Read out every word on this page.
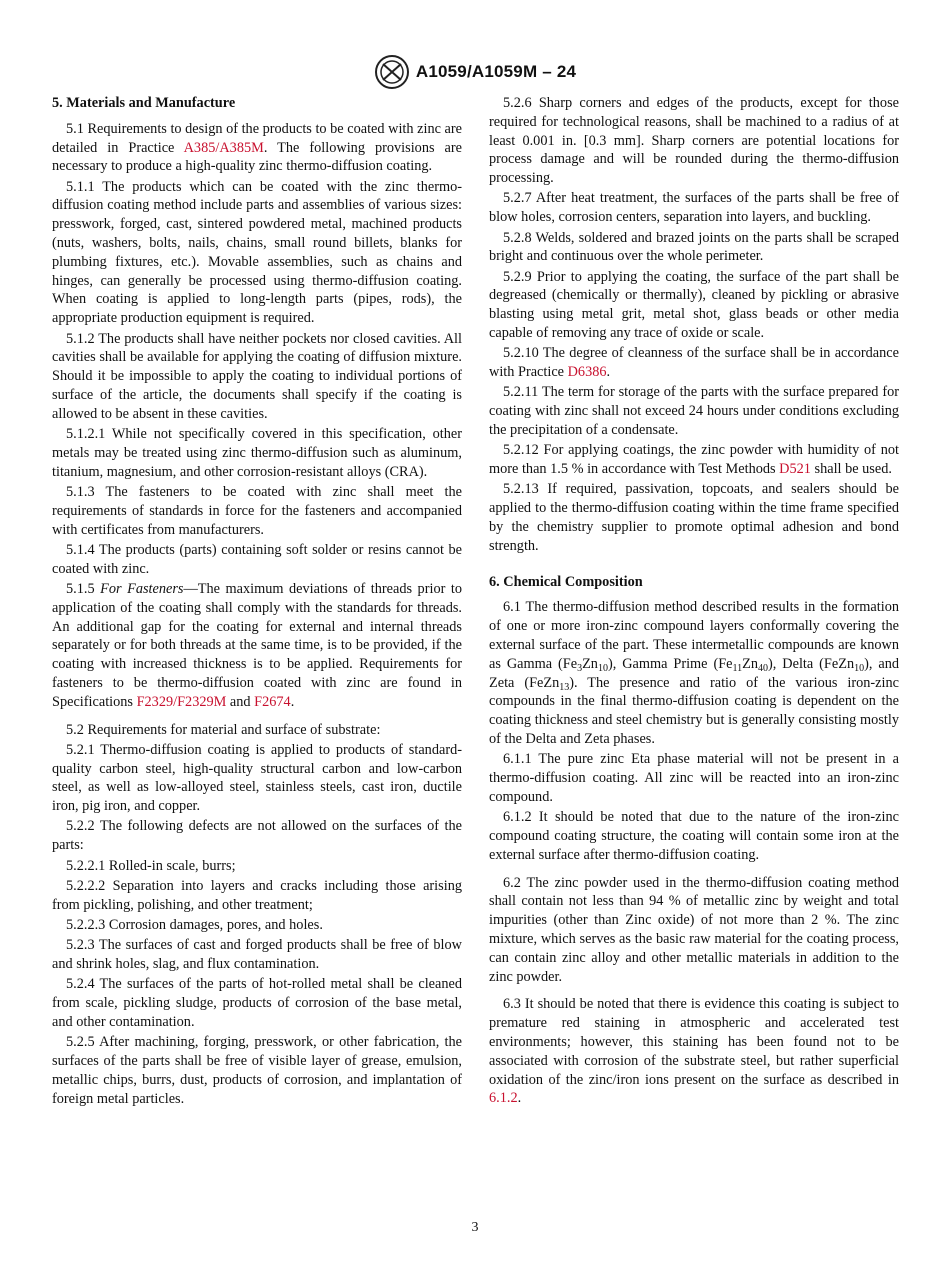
A1059/A1059M – 24
5. Materials and Manufacture

5.1 Requirements to design of the products to be coated with zinc are detailed in Practice A385/A385M. The following provisions are necessary to produce a high-quality zinc thermo-diffusion coating.

5.1.1 The products which can be coated with the zinc thermo-diffusion coating method include parts and assemblies of various sizes: presswork, forged, cast, sintered powdered metal, machined products (nuts, washers, bolts, nails, chains, small round billets, blanks for plumbing fixtures, etc.). Movable assemblies, such as chains and hinges, can generally be processed using thermo-diffusion coating. When coating is applied to long-length parts (pipes, rods), the appropriate production equipment is required.

5.1.2 The products shall have neither pockets nor closed cavities. All cavities shall be available for applying the coating of diffusion mixture. Should it be impossible to apply the coating to individual portions of surface of the article, the documents shall specify if the coating is allowed to be absent in these cavities.

5.1.2.1 While not specifically covered in this specification, other metals may be treated using zinc thermo-diffusion such as aluminum, titanium, magnesium, and other corrosion-resistant alloys (CRA).

5.1.3 The fasteners to be coated with zinc shall meet the requirements of standards in force for the fasteners and accompanied with certificates from manufacturers.

5.1.4 The products (parts) containing soft solder or resins cannot be coated with zinc.

5.1.5 For Fasteners—The maximum deviations of threads prior to application of the coating shall comply with the standards for threads. An additional gap for the coating for external and internal threads separately or for both threads at the same time, is to be provided, if the coating with increased thickness is to be applied. Requirements for fasteners to be thermo-diffusion coated with zinc are found in Specifications F2329/F2329M and F2674.

5.2 Requirements for material and surface of substrate:

5.2.1 Thermo-diffusion coating is applied to products of standard-quality carbon steel, high-quality structural carbon and low-carbon steel, as well as low-alloyed steel, stainless steels, cast iron, ductile iron, pig iron, and copper.

5.2.2 The following defects are not allowed on the surfaces of the parts:

5.2.2.1 Rolled-in scale, burrs;

5.2.2.2 Separation into layers and cracks including those arising from pickling, polishing, and other treatment;

5.2.2.3 Corrosion damages, pores, and holes.

5.2.3 The surfaces of cast and forged products shall be free of blow and shrink holes, slag, and flux contamination.

5.2.4 The surfaces of the parts of hot-rolled metal shall be cleaned from scale, pickling sludge, products of corrosion of the base metal, and other contamination.

5.2.5 After machining, forging, presswork, or other fabrication, the surfaces of the parts shall be free of visible layer of grease, emulsion, metallic chips, burrs, dust, products of corrosion, and implantation of foreign metal particles.

5.2.6 Sharp corners and edges of the products, except for those required for technological reasons, shall be machined to a radius of at least 0.001 in. [0.3 mm]. Sharp corners are potential locations for process damage and will be rounded during the thermo-diffusion processing.

5.2.7 After heat treatment, the surfaces of the parts shall be free of blow holes, corrosion centers, separation into layers, and buckling.

5.2.8 Welds, soldered and brazed joints on the parts shall be scraped bright and continuous over the whole perimeter.

5.2.9 Prior to applying the coating, the surface of the part shall be degreased (chemically or thermally), cleaned by pickling or abrasive blasting using metal grit, metal shot, glass beads or other media capable of removing any trace of oxide or scale.

5.2.10 The degree of cleanness of the surface shall be in accordance with Practice D6386.

5.2.11 The term for storage of the parts with the surface prepared for coating with zinc shall not exceed 24 hours under conditions excluding the precipitation of a condensate.

5.2.12 For applying coatings, the zinc powder with humidity of not more than 1.5 % in accordance with Test Methods D521 shall be used.

5.2.13 If required, passivation, topcoats, and sealers should be applied to the thermo-diffusion coating within the time frame specified by the chemistry supplier to promote optimal adhesion and bond strength.

6. Chemical Composition

6.1 The thermo-diffusion method described results in the formation of one or more iron-zinc compound layers conformally covering the external surface of the part. These intermetallic compounds are known as Gamma $(Fe_3Zn_{10})$, Gamma Prime $(Fe_{11}Zn_{40})$, Delta (FeZn$_{10}$), and Zeta (FeZn$_{13}$). The presence and ratio of the various iron-zinc compounds in the final thermo-diffusion coating is dependent on the coating thickness and steel chemistry but is generally consisting mostly of the Delta and Zeta phases.

6.1.1 The pure zinc Eta phase material will not be present in a thermo-diffusion coating. All zinc will be reacted into an iron-zinc compound.

6.1.2 It should be noted that due to the nature of the iron-zinc compound coating structure, the coating will contain some iron at the external surface after thermo-diffusion coating.

6.2 The zinc powder used in the thermo-diffusion coating method shall contain not less than 94 % of metallic zinc by weight and total impurities (other than Zinc oxide) of not more than 2 %. The zinc mixture, which serves as the basic raw material for the coating process, can contain zinc alloy and other metallic materials in addition to the zinc powder.

6.3 It should be noted that there is evidence this coating is subject to premature red staining in atmospheric and accelerated test environments; however, this staining has been found not to be associated with corrosion of the substrate steel, but rather superficial oxidation of the zinc/iron ions present on the surface as described in 6.1.2.

3
